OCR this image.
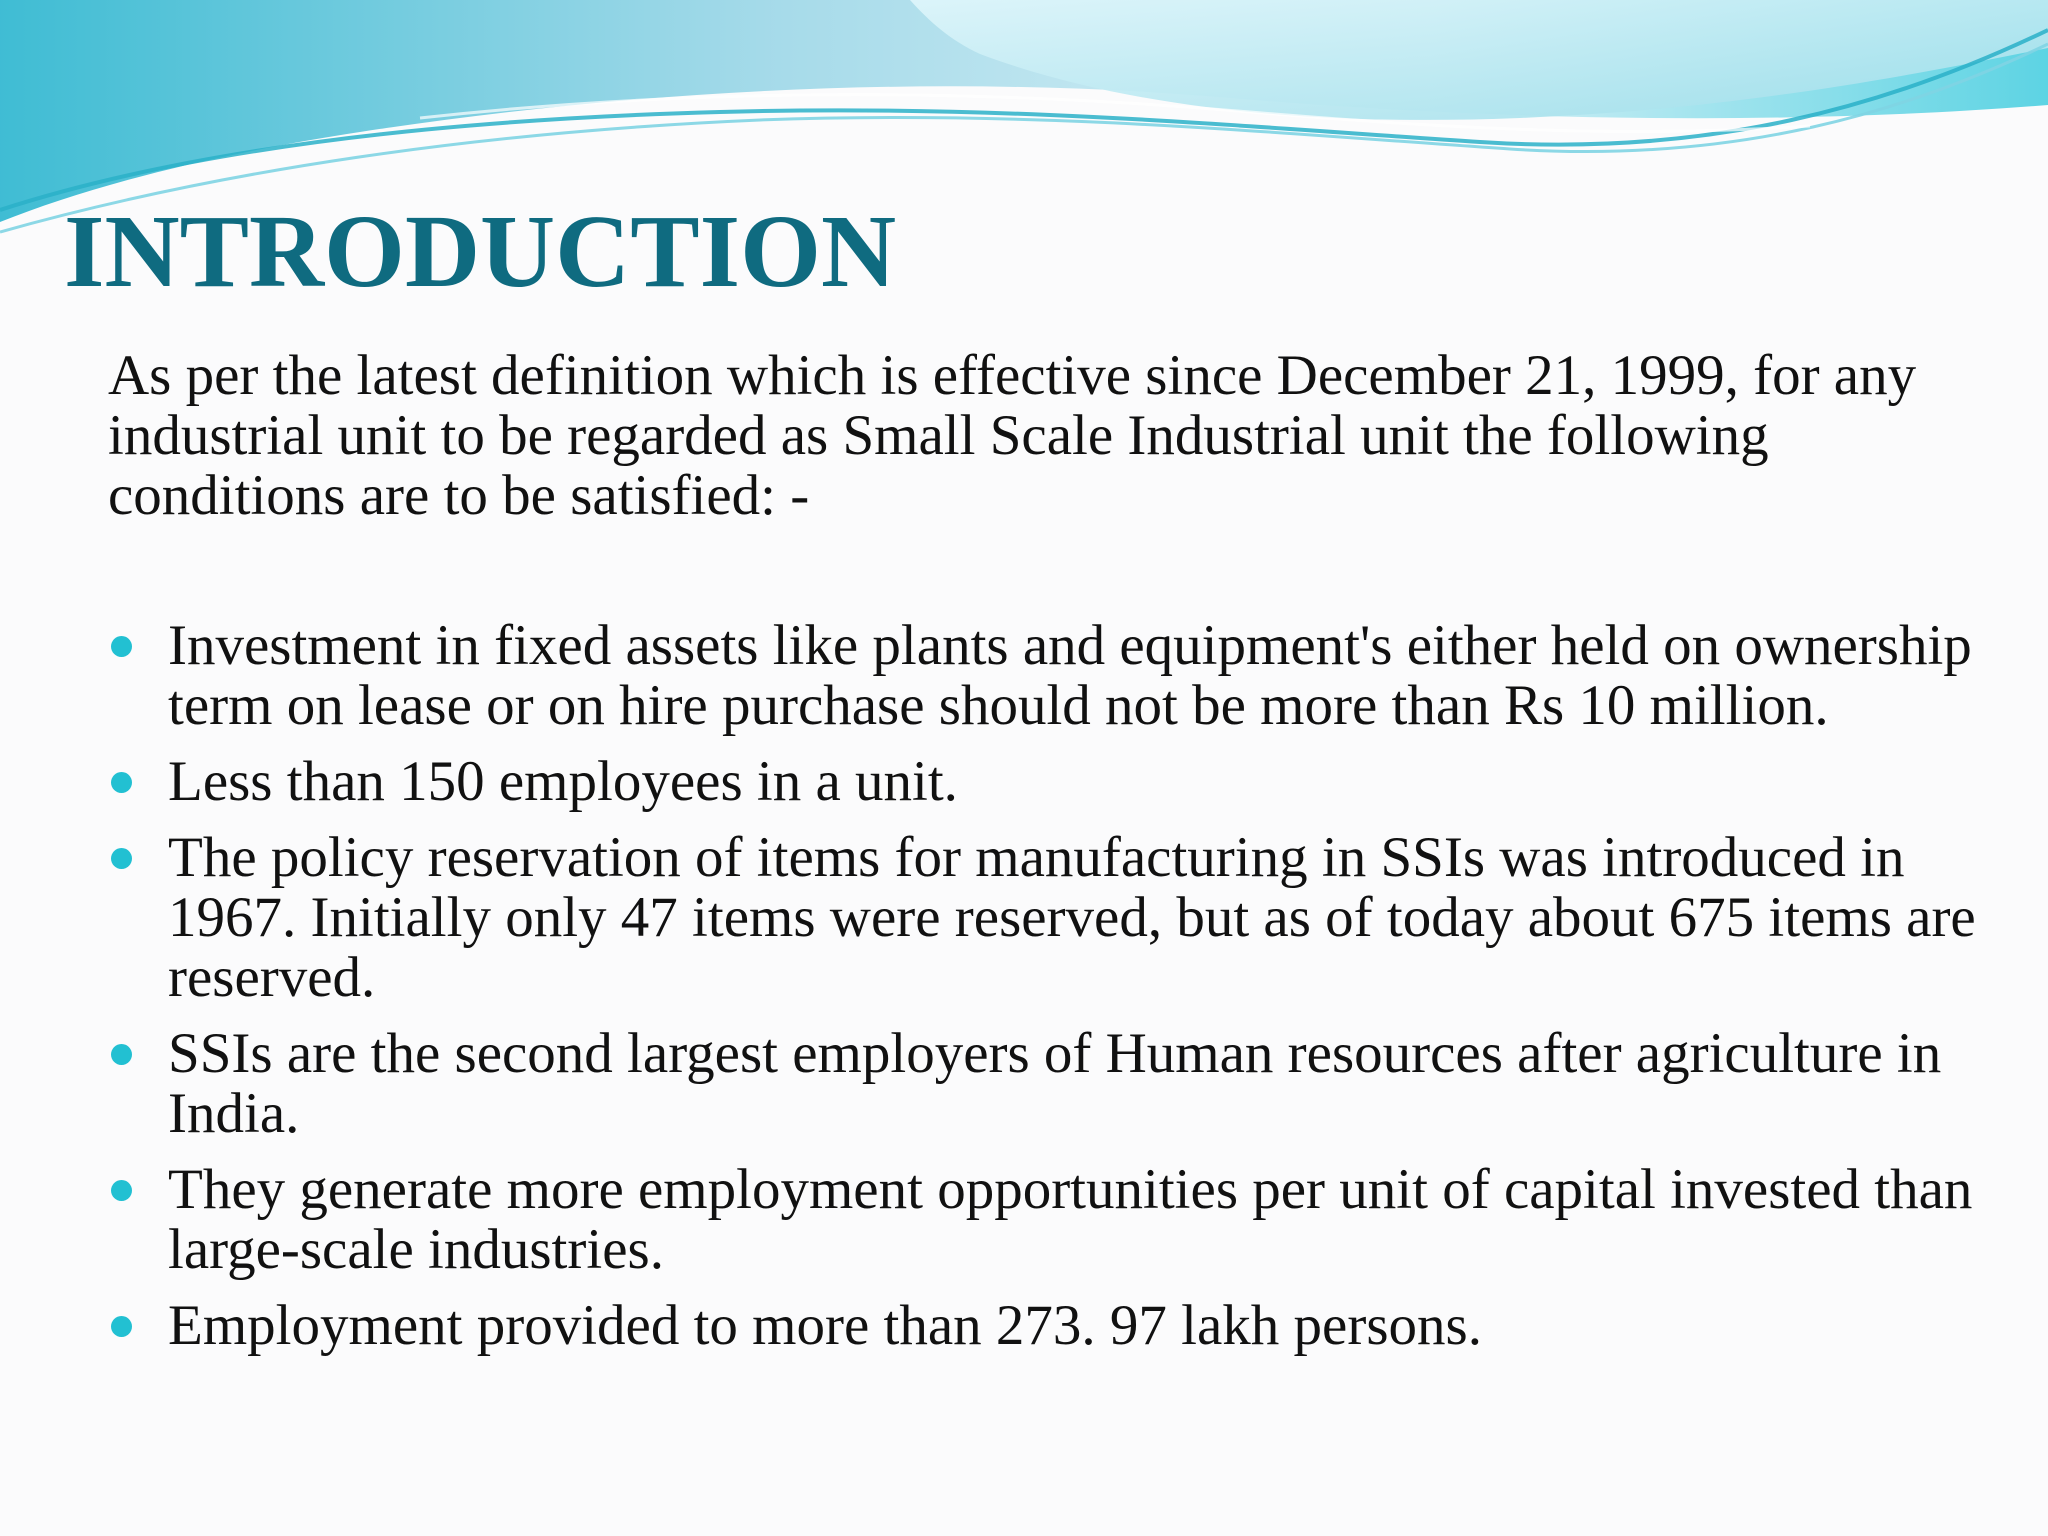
INTRODUCTION

As per the latest definition which is effective since December 21, 1999, for any industrial unit to be regarded as Small Scale Industrial unit the following conditions are to be satisfied: -

Investment in fixed assets like plants and equipment's either held on ownership term on lease or on hire purchase should not be more than Rs 10 million.
Less than 150 employees in a unit.
The policy reservation of items for manufacturing in SSIs was introduced in 1967. Initially only 47 items were reserved, but as of today about 675 items are reserved.
SSIs are the second largest employers of Human resources after agriculture in India.
They generate more employment opportunities per unit of capital invested than large-scale industries.
Employment provided to more than 273. 97 lakh persons.
